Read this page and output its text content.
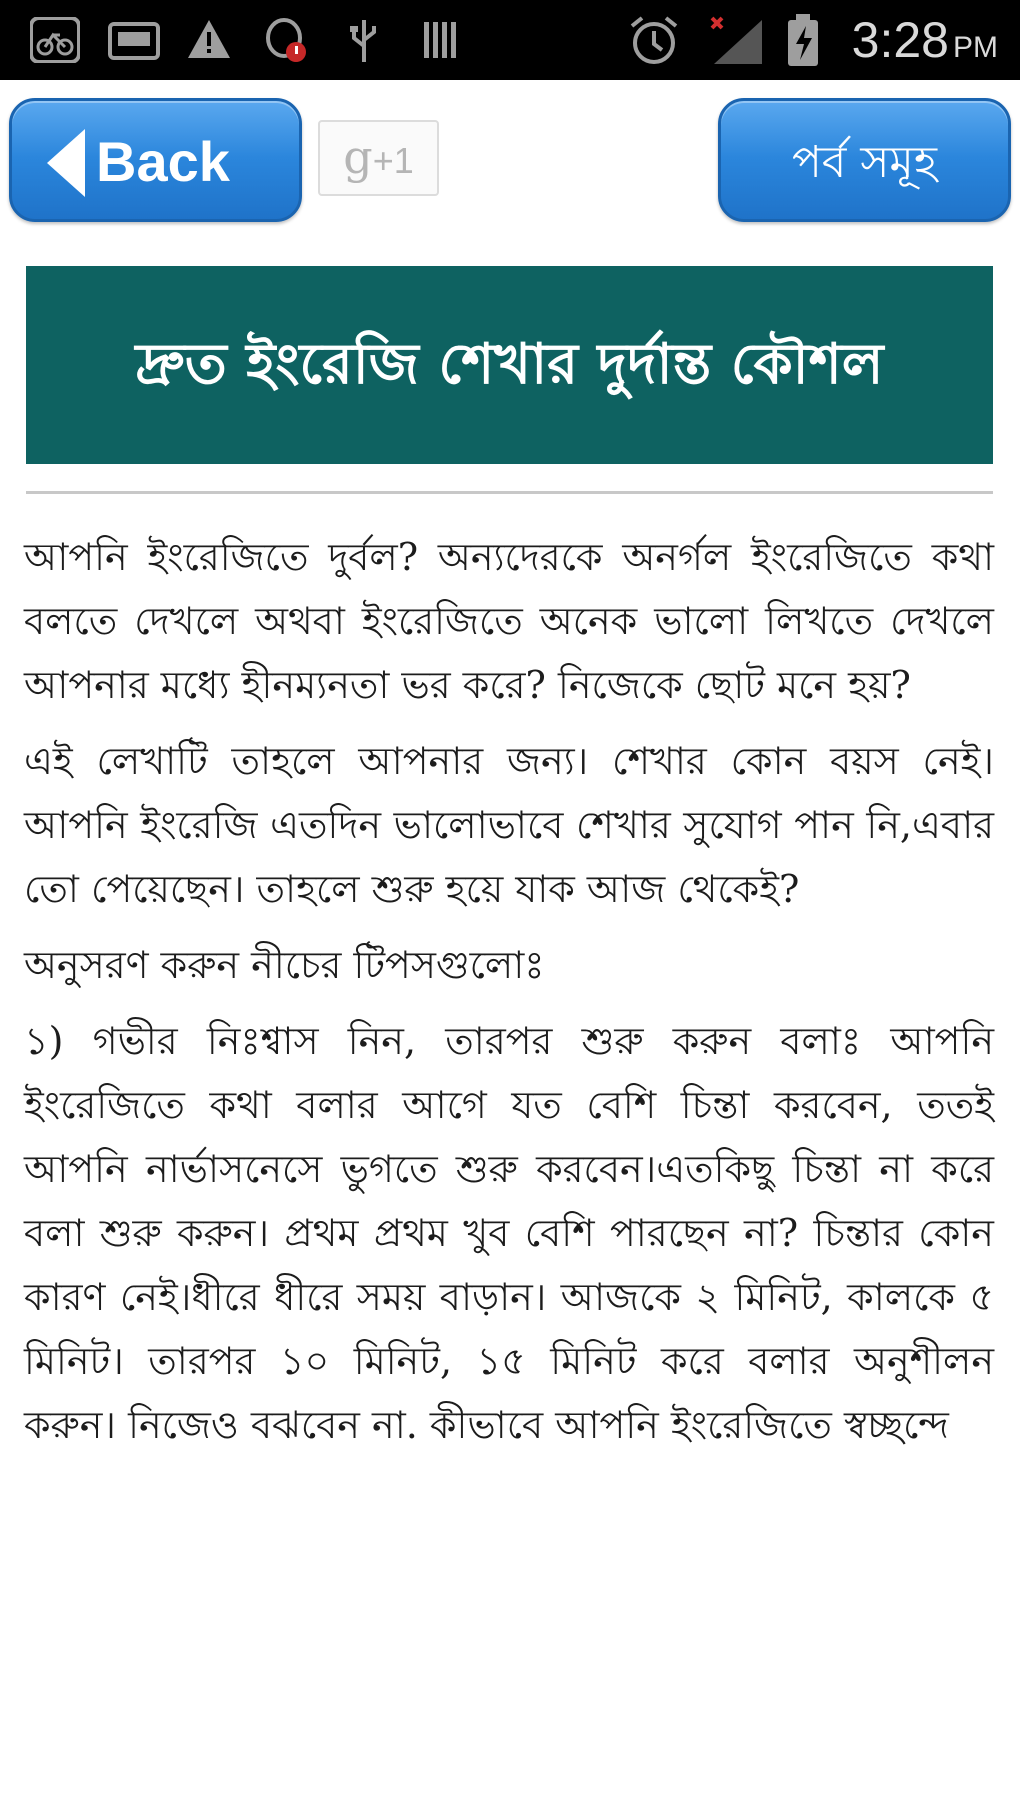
3:28 PM
Back	g+1	পর্ব সমূহ
দ্রুত ইংরেজি শেখার দুর্দান্ত কৌশল

আপনি ইংরেজিতে দুর্বল? অন্যদেরকে অনর্গল ইংরেজিতে কথা বলতে দেখলে অথবা ইংরেজিতে অনেক ভালো লিখতে দেখলে আপনার মধ্যে হীনম্যনতা ভর করে? নিজেকে ছোট মনে হয়?

এই লেখাটি তাহলে আপনার জন্য। শেখার কোন বয়স নেই। আপনি ইংরেজি এতদিন ভালোভাবে শেখার সুযোগ পান নি,এবার তো পেয়েছেন। তাহলে শুরু হয়ে যাক আজ থেকেই?

অনুসরণ করুন নীচের টিপসগুলোঃ

১) গভীর নিঃশ্বাস নিন, তারপর শুরু করুন বলাঃ আপনি ইংরেজিতে কথা বলার আগে যত বেশি চিন্তা করবেন, ততই আপনি নার্ভাসনেসে ভুগতে শুরু করবেন।এতকিছু চিন্তা না করে বলা শুরু করুন। প্রথম প্রথম খুব বেশি পারছেন না? চিন্তার কোন কারণ নেই।ধীরে ধীরে সময় বাড়ান। আজকে ২ মিনিট, কালকে ৫ মিনিট। তারপর ১০ মিনিট, ১৫ মিনিট করে বলার অনুশীলন করুন। নিজেও বঝবেন না. কীভাবে আপনি ইংরেজিতে স্বচ্ছন্দে
